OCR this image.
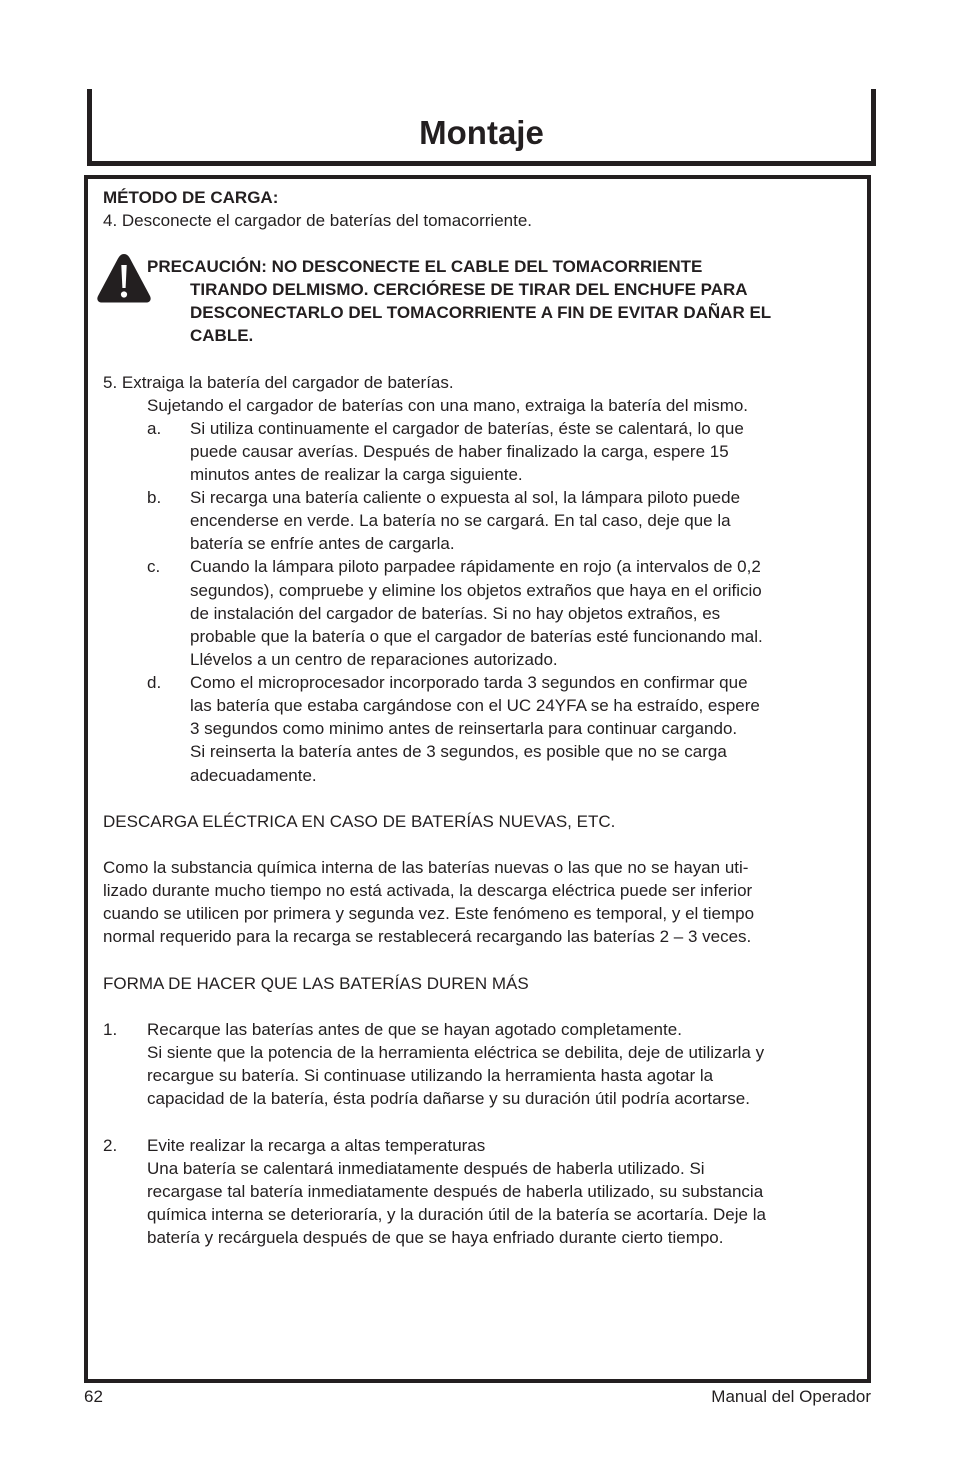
Montaje
MÉTODO DE CARGA:
4. Desconecte el cargador de baterías del tomacorriente.
PRECAUCIÓN: NO DESCONECTE EL CABLE DEL TOMACORRIENTE
TIRANDO DELMISMO. CERCIÓRESE DE TIRAR DEL ENCHUFE PARA
DESCONECTARLO DEL TOMACORRIENTE A FIN DE EVITAR DAÑAR EL
CABLE.
5. Extraiga la batería del cargador de baterías.
Sujetando el cargador de baterías con una mano, extraiga la batería del mismo.
a. Si utiliza continuamente el cargador de baterías, éste se calentará, lo que
puede causar averías. Después de haber finalizado la carga, espere 15
minutos antes de realizar la carga siguiente.
b. Si recarga una batería caliente o expuesta al sol, la lámpara piloto puede
encenderse en verde. La batería no se cargará. En tal caso, deje que la
batería se enfríe antes de cargarla.
c. Cuando la lámpara piloto parpadee rápidamente en rojo (a intervalos de 0,2
segundos), compruebe y elimine los objetos extraños que haya en el orificio
de instalación del cargador de baterías. Si no hay objetos extraños, es
probable que la batería o que el cargador de baterías esté funcionando mal.
Llévelos a un centro de reparaciones autorizado.
d. Como el microprocesador incorporado tarda 3 segundos en confirmar que
las batería que estaba cargándose con el UC 24YFA se ha estraído, espere
3 segundos como minimo antes de reinsertarla para continuar cargando.
Si reinserta la batería antes de 3 segundos, es posible que no se carga
adecuadamente.
DESCARGA ELÉCTRICA EN CASO DE BATERÍAS NUEVAS, ETC.
Como la substancia química interna de las baterías nuevas o las que no se hayan uti-
lizado durante mucho tiempo no está activada, la descarga eléctrica puede ser inferior
cuando se utilicen por primera y segunda vez. Este fenómeno es temporal, y el tiempo
normal requerido para la recarga se restablecerá recargando las baterías 2 – 3 veces.
FORMA DE HACER QUE LAS BATERÍAS DUREN MÁS
1. Recarque las baterías antes de que se hayan agotado completamente.
Si siente que la potencia de la herramienta eléctrica se debilita, deje de utilizarla y
recargue su batería. Si continuase utilizando la herramienta hasta agotar la
capacidad de la batería, ésta podría dañarse y su duración útil podría acortarse.
2. Evite realizar la recarga a altas temperaturas
Una batería se calentará inmediatamente después de haberla utilizado. Si
recargase tal batería inmediatamente después de haberla utilizado, su substancia
química interna se deterioraría, y la duración útil de la batería se acortaría. Deje la
batería y recárguela después de que se haya enfriado durante cierto tiempo.
62	Manual del Operador
